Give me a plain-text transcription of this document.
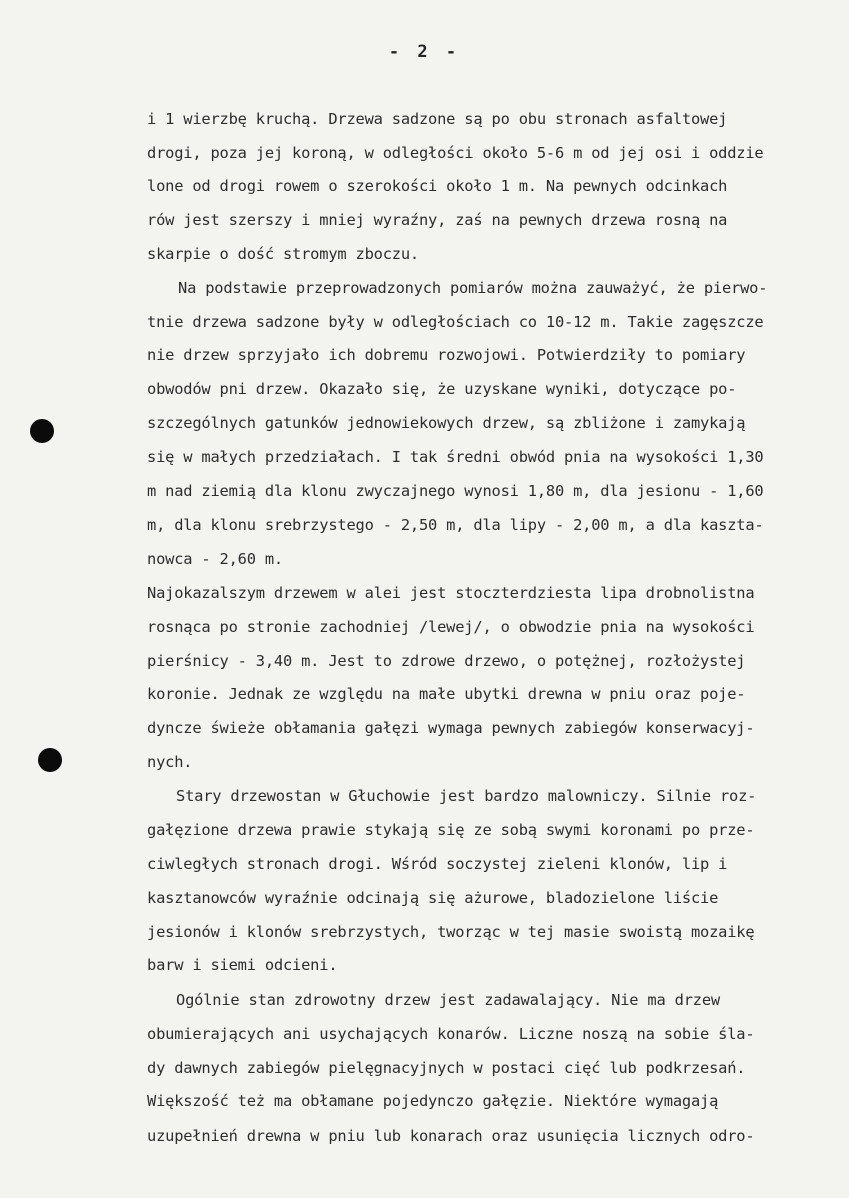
- 2 -
i 1 wierzbę kruchą. Drzewa sadzone są po obu stronach asfaltowej
drogi, poza jej koroną, w odległości około 5-6 m od jej osi i oddzie
lone od drogi rowem o szerokości około 1 m. Na pewnych odcinkach
rów jest szerszy i mniej wyraźny, zaś na pewnych drzewa rosną na
skarpie o dość stromym zboczu.
Na podstawie przeprowadzonych pomiarów można zauważyć, że pierwo-
tnie drzewa sadzone były w odległościach co 10-12 m. Takie zagęszcze
nie drzew sprzyjało ich dobremu rozwojowi. Potwierdziły to pomiary
obwodów pni drzew. Okazało się, że uzyskane wyniki, dotyczące po-
szczególnych gatunków jednowiekowych drzew, są zbliżone i zamykają
się w małych przedziałach. I tak średni obwód pnia na wysokości 1,30
m nad ziemią dla klonu zwyczajnego wynosi 1,80 m, dla jesionu - 1,60
m, dla klonu srebrzystego - 2,50 m, dla lipy - 2,00 m, a dla kaszta-
nowca - 2,60 m.
Najokazalszym drzewem w alei jest stoczterdziesta lipa drobnolistna
rosnąca po stronie zachodniej /lewej/, o obwodzie pnia na wysokości
pierśnicy - 3,40 m. Jest to zdrowe drzewo, o potężnej, rozłożystej
koronie. Jednak ze względu na małe ubytki drewna w pniu oraz poje-
dyncze świeże obłamania gałęzi wymaga pewnych zabiegów konserwacyj-
nych.
Stary drzewostan w Głuchowie jest bardzo malowniczy. Silnie roz-
gałęzione drzewa prawie stykają się ze sobą swymi koronami po prze-
ciwległych stronach drogi. Wśród soczystej zieleni klonów, lip i
kasztanowców wyraźnie odcinają się ażurowe, bladozielone liście
jesionów i klonów srebrzystych, tworząc w tej masie swoistą mozaikę
barw i siemi odcieni.
Ogólnie stan zdrowotny drzew jest zadawalający. Nie ma drzew
obumierających ani usychających konarów. Liczne noszą na sobie śla-
dy dawnych zabiegów pielęgnacyjnych w postaci cięć lub podkrzesań.
Większość też ma obłamane pojedynczo gałęzie. Niektóre wymagają
uzupełnień drewna w pniu lub konarach oraz usunięcia licznych odro-
